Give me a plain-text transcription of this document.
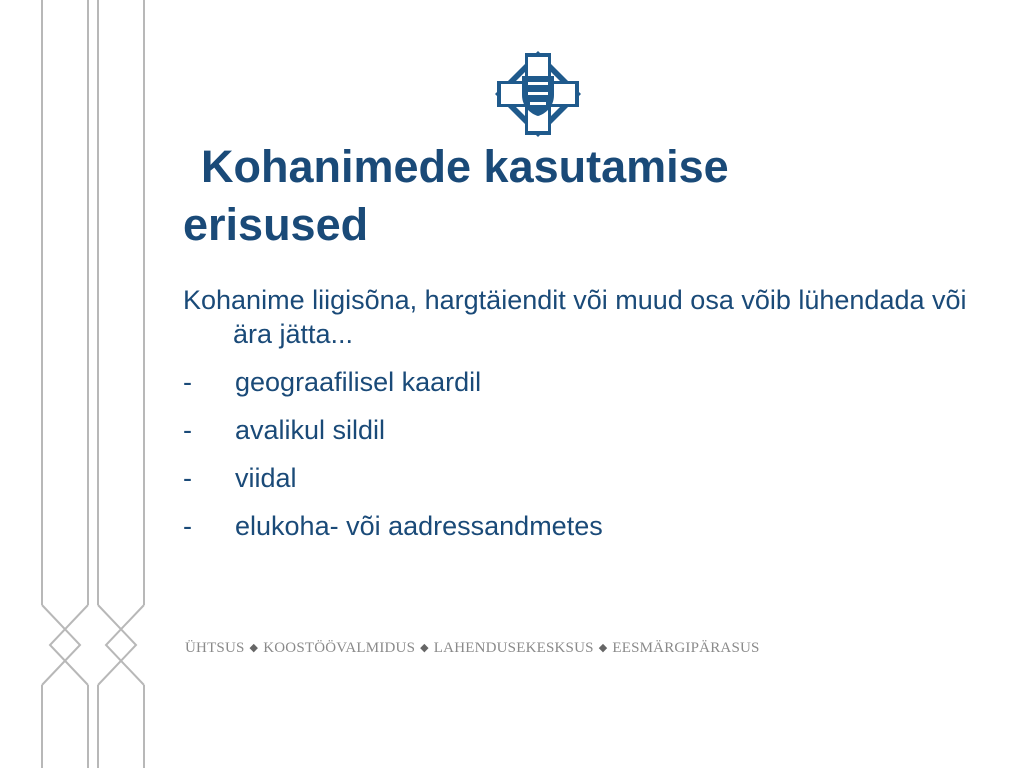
Kohanimede kasutamise
erisused

Kohanime liigisõna, hargtäiendit või muud osa võib lühendada või ära jätta...

-	geograafilisel kaardil
-	avalikul sildil
-	viidal
-	elukoha- või aadressandmetes

ÜHTSUS ◆ KOOSTÖÖVALMIDUS ◆ LAHENDUSEKESKSUS ◆ EESMÄRGIPÄRASUS
